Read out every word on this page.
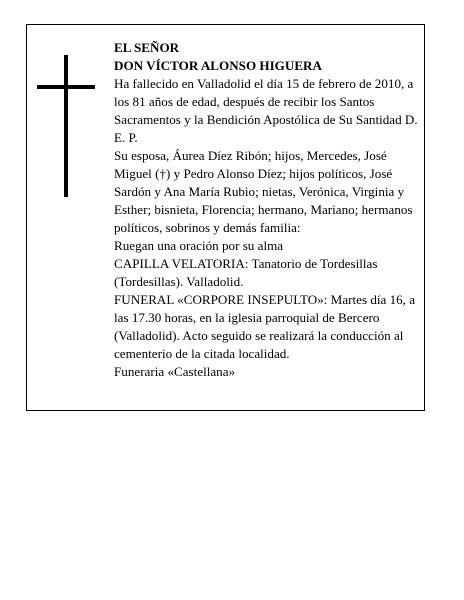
EL SEÑOR

DON VÍCTOR ALONSO HIGUERA

Ha fallecido en Valladolid el día 15 de febrero de 2010, a los 81 años de edad, después de recibir los Santos Sacramentos y la Bendición Apostólica de Su Santidad D. E. P.

Su esposa, Áurea Díez Ribón; hijos, Mercedes, José Miguel (†) y Pedro Alonso Díez; hijos políticos, José Sardón y Ana María Rubio; nietas, Verónica, Virginia y Esther; bisnieta, Florencia; hermano, Mariano; hermanos políticos, sobrinos y demás familia:

Ruegan una oración por su alma

CAPILLA VELATORIA: Tanatorio de Tordesillas (Tordesillas). Valladolid.

FUNERAL «CORPORE INSEPULTO»: Martes día 16, a las 17.30 horas, en la iglesia parroquial de Bercero (Valladolid). Acto seguido se realizará la conducción al cementerio de la citada localidad.

Funeraria «Castellana»
